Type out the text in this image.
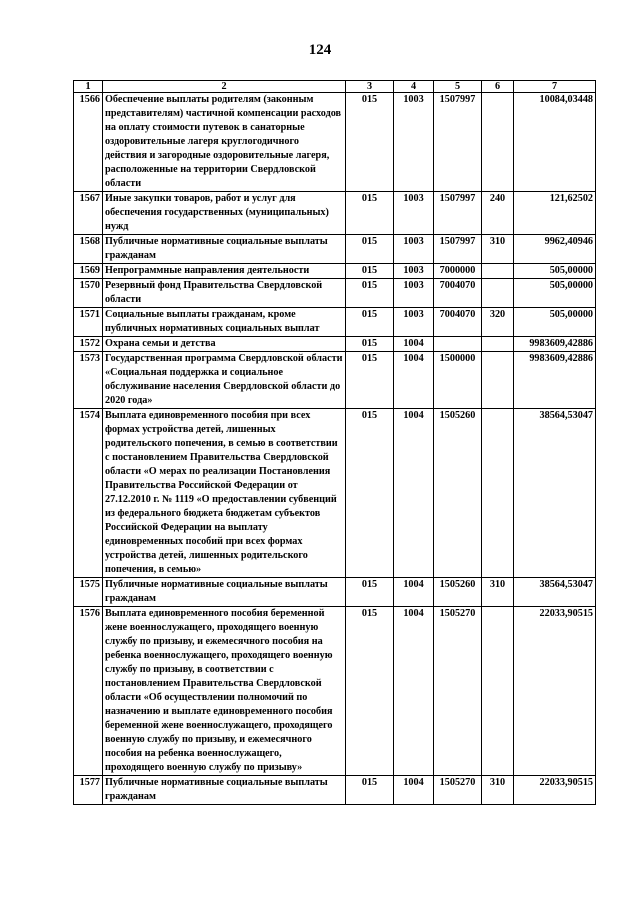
124
1	2	3	4	5	6	7
1566	Обеспечение выплаты родителям (законным представителям) частичной компенсации расходов на оплату стоимости путевок в санаторные оздоровительные лагеря круглогодичного действия и загородные оздоровительные лагеря, расположенные на территории Свердловской области	015	1003	1507997		10084,03448
1567	Иные закупки товаров, работ и услуг для обеспечения государственных (муниципальных) нужд	015	1003	1507997	240	121,62502
1568	Публичные нормативные социальные выплаты гражданам	015	1003	1507997	310	9962,40946
1569	Непрограммные направления деятельности	015	1003	7000000		505,00000
1570	Резервный фонд Правительства Свердловской области	015	1003	7004070		505,00000
1571	Социальные выплаты гражданам, кроме публичных нормативных социальных выплат	015	1003	7004070	320	505,00000
1572	Охрана семьи и детства	015	1004			9983609,42886
1573	Государственная программа Свердловской области «Социальная поддержка и социальное обслуживание населения Свердловской области до 2020 года»	015	1004	1500000		9983609,42886
1574	Выплата единовременного пособия при всех формах устройства детей, лишенных родительского попечения, в семью в соответствии с постановлением Правительства Свердловской области «О мерах по реализации Постановления Правительства Российской Федерации от 27.12.2010 г. № 1119 «О предоставлении субвенций из федерального бюджета бюджетам субъектов Российской Федерации на выплату единовременных пособий при всех формах устройства детей, лишенных родительского попечения, в семью»	015	1004	1505260		38564,53047
1575	Публичные нормативные социальные выплаты гражданам	015	1004	1505260	310	38564,53047
1576	Выплата единовременного пособия беременной жене военнослужащего, проходящего военную службу по призыву, и ежемесячного пособия на ребенка военнослужащего, проходящего военную службу по призыву, в соответствии с постановлением Правительства Свердловской области «Об осуществлении полномочий по назначению и выплате единовременного пособия беременной жене военнослужащего, проходящего военную службу по призыву, и ежемесячного пособия на ребенка военнослужащего, проходящего военную службу по призыву»	015	1004	1505270		22033,90515
1577	Публичные нормативные социальные выплаты гражданам	015	1004	1505270	310	22033,90515
